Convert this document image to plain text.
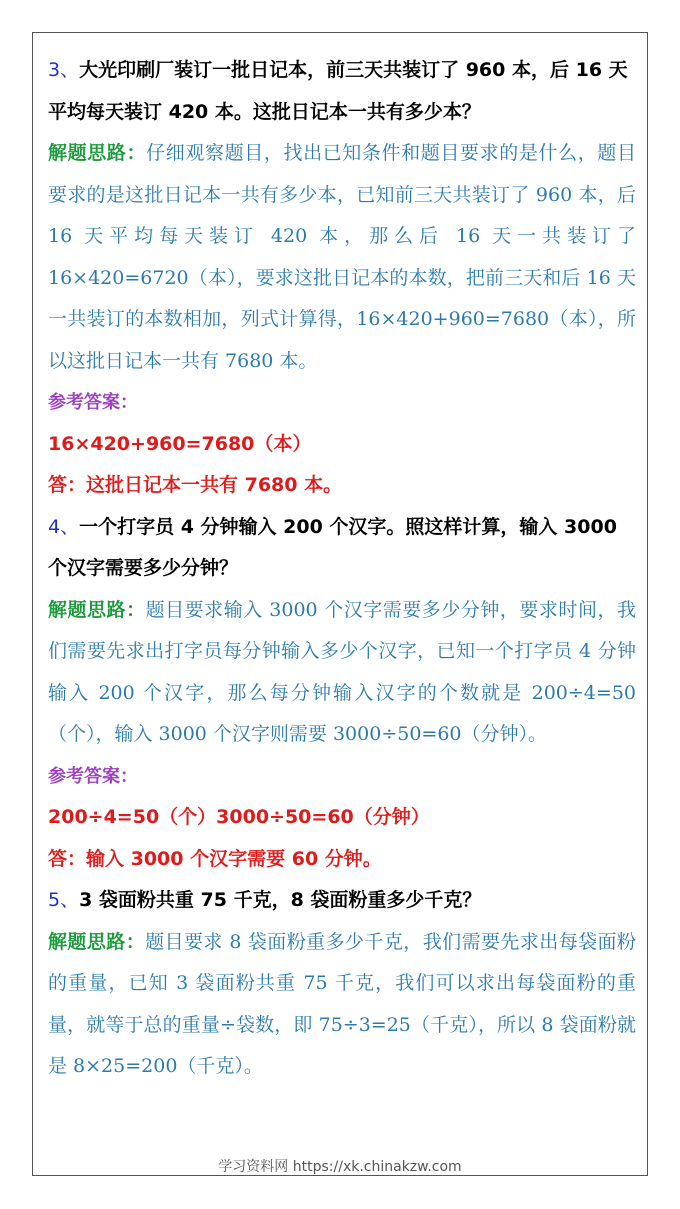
3、大光印刷厂装订一批日记本，前三天共装订了 960 本，后 16 天平均每天装订 420 本。这批日记本一共有多少本？
解题思路：仔细观察题目，找出已知条件和题目要求的是什么，题目要求的是这批日记本一共有多少本，已知前三天共装订了 960 本，后 16 天平均每天装订 420 本，那么后 16 天一共装订了 16×420=6720（本），要求这批日记本的本数，把前三天和后 16 天一共装订的本数相加，列式计算得，16×420+960=7680（本），所以这批日记本一共有 7680 本。
参考答案：
16×420+960=7680（本）
答：这批日记本一共有 7680 本。
4、一个打字员 4 分钟输入 200 个汉字。照这样计算，输入 3000 个汉字需要多少分钟？
解题思路：题目要求输入 3000 个汉字需要多少分钟，要求时间，我们需要先求出打字员每分钟输入多少个汉字，已知一个打字员 4 分钟输入 200 个汉字，那么每分钟输入汉字的个数就是 200÷4=50（个），输入 3000 个汉字则需要 3000÷50=60（分钟）。
参考答案：
200÷4=50（个）3000÷50=60（分钟）
答：输入 3000 个汉字需要 60 分钟。
5、3 袋面粉共重 75 千克，8 袋面粉重多少千克？
解题思路：题目要求 8 袋面粉重多少千克，我们需要先求出每袋面粉的重量，已知 3 袋面粉共重 75 千克，我们可以求出每袋面粉的重量，就等于总的重量÷袋数，即 75÷3=25（千克），所以 8 袋面粉就是 8×25=200（千克）。
学习资料网 https://xk.chinakzw.com
